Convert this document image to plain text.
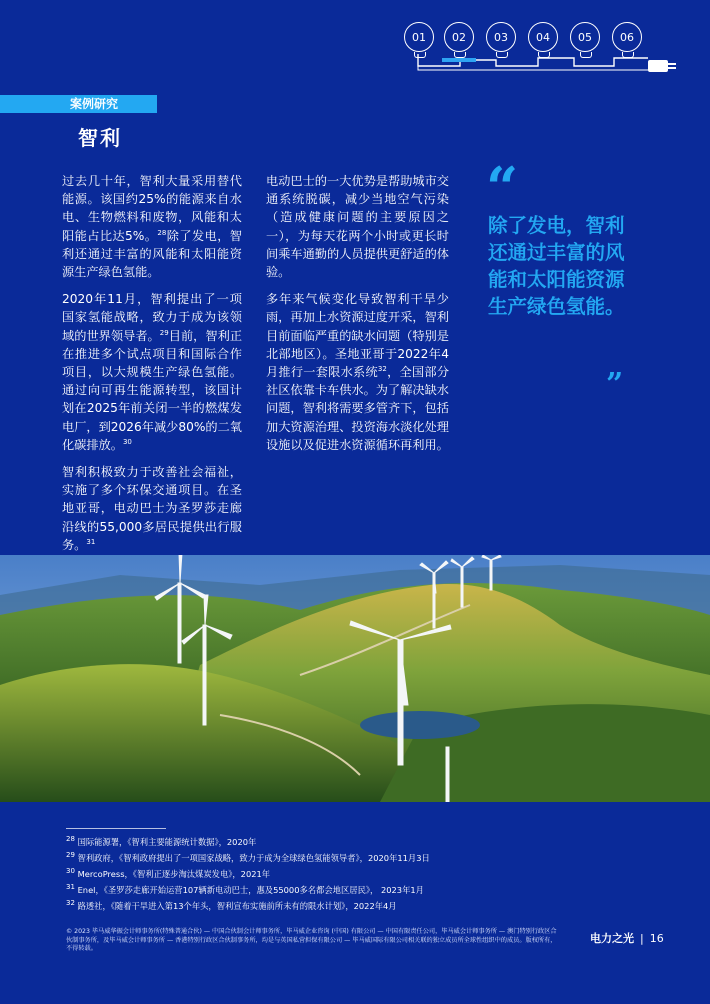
01 02	03	04	05	06
案例研究
智利

过去几十年，智利大量采用替代能源。该国约25%的能源来自水电、生物燃料和废物，风能和太阳能占比达5%。$^{28}$除了发电，智利还通过丰富的风能和太阳能资源生产绿色氢能。

2020年11月，智利提出了一项国家氢能战略，致力于成为该领域的世界领导者。$^{29}$目前，智利正在推进多个试点项目和国际合作项目，以大规模生产绿色氢能。通过向可再生能源转型，该国计划在2025年前关闭一半的燃煤发电厂，到2026年减少80%的二氧化碳排放。$^{30}$

智利积极致力于改善社会福祉，实施了多个环保交通项目。在圣地亚哥，电动巴士为圣罗莎走廊沿线的55,000多居民提供出行服务。$^{31}$

电动巴士的一大优势是帮助城市交通系统脱碳，减少当地空气污染（造成健康问题的主要原因之一），为每天花两个小时或更长时间乘车通勤的人员提供更舒适的体验。

多年来气候变化导致智利干旱少雨，再加上水资源过度开采，智利目前面临严重的缺水问题（特别是北部地区）。圣地亚哥于2022年4月推行一套限水系统$^{32}$，全国部分社区依靠卡车供水。为了解决缺水问题，智利将需要多管齐下，包括加大资源治理、投资海水淡化处理设施以及促进水资源循环再利用。

“
除了发电，智利还通过丰富的风能和太阳能资源生产绿色氢能。
”
$^{28}$ 国际能源署，《智利主要能源统计数据》，2020年
$^{29}$ 智利政府，《智利政府提出了一项国家战略，致力于成为全球绿色氢能领导者》，2020年11月3日
$^{30}$ MercoPress，《智利正逐步淘汰煤炭发电》，2021年
$^{31}$ Enel，《圣罗莎走廊开始运营107辆新电动巴士，惠及55000多名都会地区居民》， 2023年1月
$^{32}$ 路透社，《随着干旱进入第13个年头，智利宣布实施前所未有的限水计划》，2022年4月
© 2023 毕马威华振会计师事务所(特殊普通合伙) — 中国合伙制会计师事务所，毕马威企业咨询 (中国) 有限公司 — 中国有限责任公司，毕马威会计师事务所 — 澳门特别行政区合伙制事务所，及毕马威会计师事务所 — 香港特别行政区合伙制事务所，均是与英国私营担保有限公司 — 毕马威国际有限公司相关联的独立成员所全球性组织中的成员。版权所有，不得转载。
电力之光 | 16
